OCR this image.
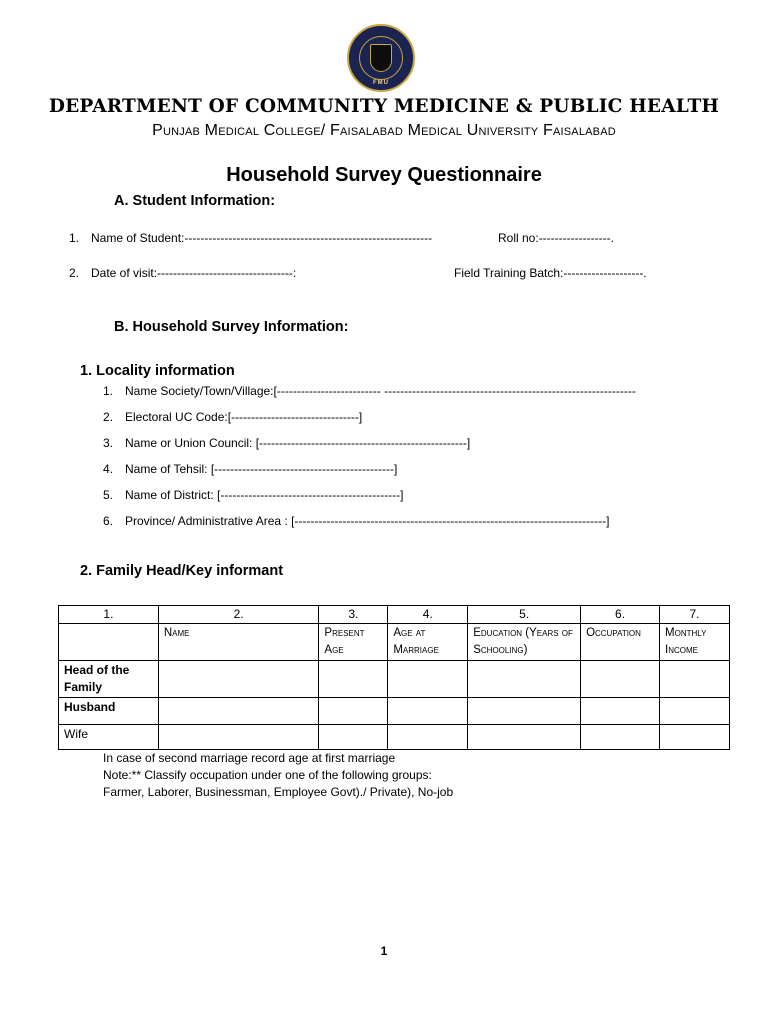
FMU
DEPARTMENT OF COMMUNITY MEDICINE & PUBLIC HEALTH
Punjab Medical College/ Faisalabad Medical University Faisalabad
Household Survey Questionnaire
A. Student Information:
1. Name of Student:--------------------------------------------------------------	Roll no:------------------.
2. Date of visit:----------------------------------:	Field Training Batch:--------------------.
B. Household Survey Information:
1. Locality information
1. Name Society/Town/Village:[-------------------------- ---------------------------------------------------------------
2. Electoral UC Code:[--------------------------------]
3. Name or Union Council: [----------------------------------------------------]
4. Name of Tehsil: [---------------------------------------------]
5. Name of District: [---------------------------------------------]
6. Province/ Administrative Area : [------------------------------------------------------------------------------]
2. Family Head/Key informant
1.	2.	3.	4.	5.	6.	7.
	Name	Present Age	Age at Marriage	Education (Years of Schooling)	Occupation	Monthly Income
Head of the Family						
Husband						
Wife						
In case of second marriage record age at first marriage
Note:** Classify occupation under one of the following groups:
Farmer, Laborer, Businessman, Employee Govt)./ Private), No-job
1
